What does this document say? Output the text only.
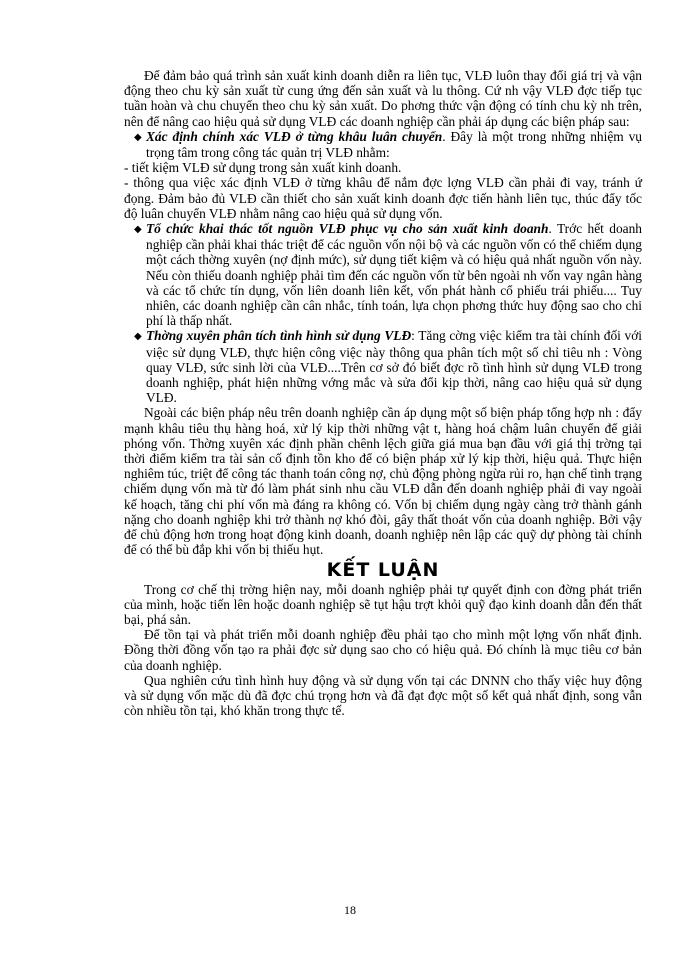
Để đảm bảo quá trình sản xuất kinh doanh diễn ra liên tục, VLĐ luôn thay đổi giá trị và vận động theo chu kỳ sản xuất từ cung ứng đến sản xuất và lu thông. Cứ nh vậy VLĐ đợc tiếp tục tuần hoàn và chu chuyển theo chu kỳ sản xuất. Do phơng thức vận động có tính chu kỳ nh trên, nên để nâng cao hiệu quả sử dụng VLĐ các doanh nghiệp cần phải áp dụng các biện pháp sau:

◆ Xác định chính xác VLĐ ở từng khâu luân chuyển. Đây là một trong những nhiệm vụ trọng tâm trong công tác quản trị VLĐ nhằm:

- tiết kiệm VLĐ sử dụng trong sản xuất kinh doanh.

- thông qua việc xác định VLĐ ở từng khâu để nắm đợc lợng VLĐ cần phải đi vay, tránh ứ đọng. Đảm bảo đủ VLĐ cần thiết cho sản xuất kinh doanh đợc tiến hành liên tục, thúc đẩy tốc độ luân chuyển VLĐ nhằm nâng cao hiệu quả sử dụng vốn.

◆ Tổ chức khai thác tốt nguồn VLĐ phục vụ cho sản xuất kinh doanh. Trớc hết doanh nghiệp cần phải khai thác triệt để các nguồn vốn nội bộ và các nguồn vốn có thể chiếm dụng một cách thờng xuyên (nợ định mức), sử dụng tiết kiệm và có hiệu quả nhất nguồn vốn này. Nếu còn thiếu doanh nghiệp phải tìm đến các nguồn vốn từ bên ngoài nh vốn vay ngân hàng và các tổ chức tín dụng, vốn liên doanh liên kết, vốn phát hành cổ phiếu trái phiếu.... Tuy nhiên, các doanh nghiệp cần cân nhắc, tính toán, lựa chọn phơng thức huy động sao cho chi phí là thấp nhất.

◆ Thờng xuyên phân tích tình hình sử dụng VLĐ: Tăng cờng việc kiểm tra tài chính đối với việc sử dụng VLĐ, thực hiện công việc này thông qua phân tích một số chỉ tiêu nh : Vòng quay VLĐ, sức sinh lời của VLĐ....Trên cơ sở đó biết đợc rõ tình hình sử dụng VLĐ trong doanh nghiệp, phát hiện những vớng mắc và sửa đổi kịp thời, nâng cao hiệu quả sử dụng VLĐ.

Ngoài các biện pháp nêu trên doanh nghiệp cần áp dụng một số biện pháp tổng hợp nh : đẩy mạnh khâu tiêu thụ hàng hoá, xử lý kịp thời những vật t, hàng hoá chậm luân chuyển để giải phóng vốn. Thờng xuyên xác định phần chênh lệch giữa giá mua bạn đầu với giá thị trờng tại thời điểm kiểm tra tài sản cố định tồn kho để có biện pháp xử lý kịp thời, hiệu quả. Thực hiện nghiêm túc, triệt để công tác thanh toán công nợ, chủ động phòng ngừa rủi ro, hạn chế tình trạng chiếm dụng vốn mà từ đó làm phát sinh nhu cầu VLĐ dẫn đến doanh nghiệp phải đi vay ngoài kế hoạch, tăng chi phí vốn mà đáng ra không có. Vốn bị chiếm dụng ngày càng trở thành gánh nặng cho doanh nghiệp khi trở thành nợ khó đòi, gây thất thoát vốn của doanh nghiệp. Bởi vậy để chủ động hơn trong hoạt động kinh doanh, doanh nghiệp nên lập các quỹ dự phòng tài chính để có thể bù đắp khi vốn bị thiếu hụt.

KẾT LUẬN

Trong cơ chế thị trờng hiện nay, mỗi doanh nghiệp phải tự quyết định con đờng phát triển của mình, hoặc tiến lên hoặc doanh nghiệp sẽ tụt hậu trợt khỏi quỹ đạo kinh doanh dẫn đến thất bại, phá sản.

Để tồn tại và phát triển mỗi doanh nghiệp đều phải tạo cho mình một lợng vốn nhất định. Đồng thời đồng vốn tạo ra phải đợc sử dụng sao cho có hiệu quả. Đó chính là mục tiêu cơ bản của doanh nghiệp.

Qua nghiên cứu tình hình huy động và sử dụng vốn tại các DNNN cho thấy việc huy động và sử dụng vốn mặc dù đã đợc chú trọng hơn và đã đạt đợc một số kết quả nhất định, song vẫn còn nhiều tồn tại, khó khăn trong thực tế.

18
